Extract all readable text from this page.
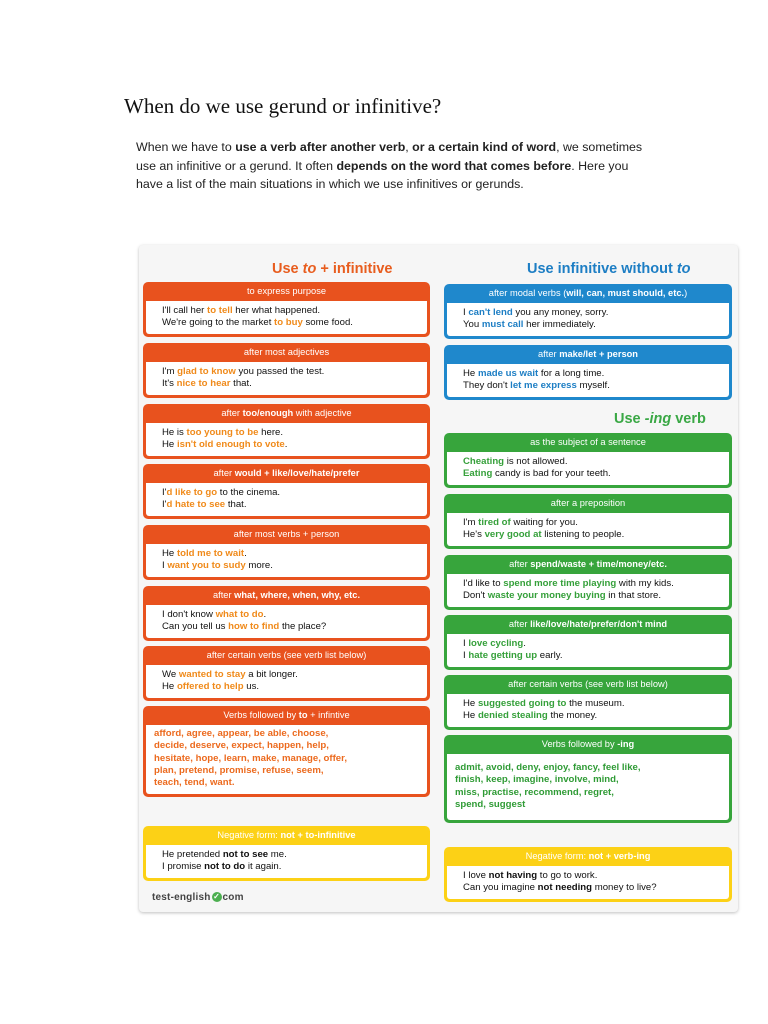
When do we use gerund or infinitive?

When we have to use a verb after another verb, or a certain kind of word, we sometimes use an infinitive or a gerund. It often depends on the word that comes before. Here you have a list of the main situations in which we use infinitives or gerunds.

Use to + infinitive	Use infinitive without to
to express purpose
I'll call her to tell her what happened.
We're going to the market to buy some food.
after most adjectives
I'm glad to know you passed the test.
It's nice to hear that.
after too/enough with adjective
He is too young to be here.
He isn't old enough to vote.
after would + like/love/hate/prefer
I'd like to go to the cinema.
I'd hate to see that.
after most verbs + person
He told me to wait.
I want you to sudy more.
after what, where, when, why, etc.
I don't know what to do.
Can you tell us how to find the place?
after certain verbs (see verb list below)
We wanted to stay a bit longer.
He offered to help us.
Verbs followed by to + infintive
afford, agree, appear, be able, choose,
decide, deserve, expect, happen, help,
hesitate, hope, learn, make, manage, offer,
plan, pretend, promise, refuse, seem,
teach, tend, want.
Negative form: not + to-infinitive
He pretended not to see me.
I promise not to do it again.
after modal verbs (will, can, must should, etc.)
I can't lend you any money, sorry.
You must call her immediately.
after make/let + person
He made us wait for a long time.
They don't let me express myself.
Use -ing verb
as the subject of a sentence
Cheating is not allowed.
Eating candy is bad for your teeth.
after a preposition
I'm tired of waiting for you.
He's very good at listening to people.
after spend/waste + time/money/etc.
I'd like to spend more time playing with my kids.
Don't waste your money buying in that store.
after like/love/hate/prefer/don't mind
I love cycling.
I hate getting up early.
after certain verbs (see verb list below)
He suggested going to the museum.
He denied stealing the money.
Verbs followed by -ing
admit, avoid, deny, enjoy, fancy, feel like,
finish, keep, imagine, involve, mind,
miss, practise, recommend, regret,
spend, suggest
Negative form: not + verb-ing
I love not having to go to work.
Can you imagine not needing money to live?
test-english ✓ com
